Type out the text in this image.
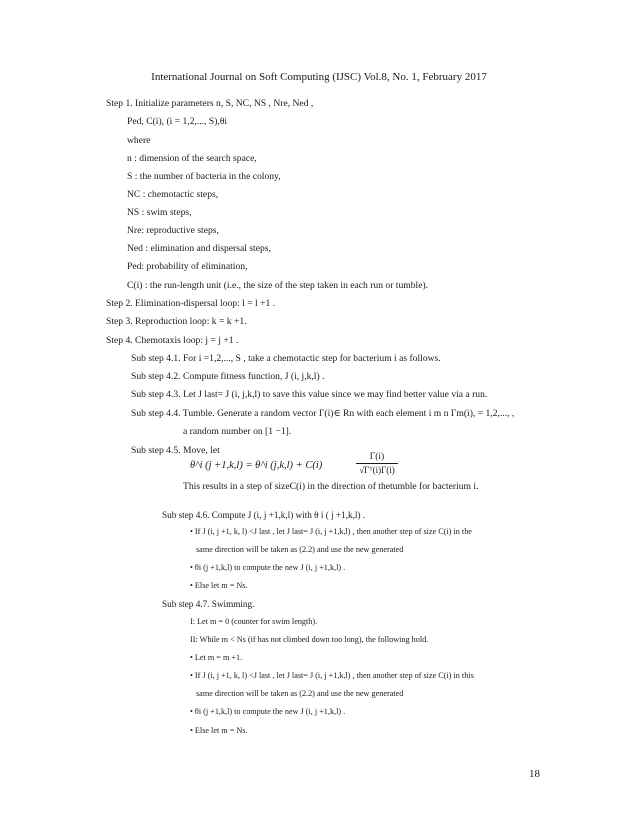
International Journal on Soft Computing (IJSC) Vol.8, No. 1, February 2017
Step 1. Initialize parameters n, S, NC, NS , Nre, Ned ,
Ped, C(i), (i = 1,2,..., S),θi
where
n : dimension of the search space,
S : the number of bacteria in the colony,
NC : chemotactic steps,
NS : swim steps,
Nre: reproductive steps,
Ned : elimination and dispersal steps,
Ped: probability of elimination,
C(i) : the run-length unit (i.e., the size of the step taken in each run or tumble).
Step 2. Elimination-dispersal loop: l = l +1 .
Step 3. Reproduction loop: k = k +1.
Step 4. Chemotaxis loop: j = j +1 .
Sub step 4.1. For i =1,2,..., S , take a chemotactic step for bacterium i as follows.
Sub step 4.2. Compute fitness function, J (i, j,k,l) .
Sub step 4.3. Let J last= J (i, j,k,l) to save this value since we may find better value via a run.
Sub step 4.4. Tumble. Generate a random vector Γ(i)∈ Rn with each element i m n Γm(i), = 1,2,..., ,
a random number on [1 −1].
Sub step 4.5. Move, let
θ^i (j +1,k,l) = θ^i (j,k,l) + C(i)
Γ(i)
√Γᵀ(i)Γ(i)
This results in a step of sizeC(i) in the direction of thetumble for bacterium i.
Sub step 4.6. Compute J (i, j +1,k,l) with θ i ( j +1,k,l) .
• If J (i, j +1, k, l) <J last , let J last= J (i, j +1,k,l) , then another step of size C(i) in the
same direction will be taken as (2.2) and use the new generated
• θi (j +1,k,l) to compute the new J (i, j +1,k,l) .
• Else let m = Ns.
Sub step 4.7. Swimming.
I: Let m = 0 (counter for swim length).
II: While m < Ns (if has not climbed down too long), the following hold.
• Let m = m +1.
• If J (i, j +1, k, l) <J last , let J last= J (i, j +1,k,l) , then another step of size C(i) in this
same direction will be taken as (2.2) and use the new generated
• θi (j +1,k,l) to compute the new J (i, j +1,k,l) .
• Else let m = Ns.
18
